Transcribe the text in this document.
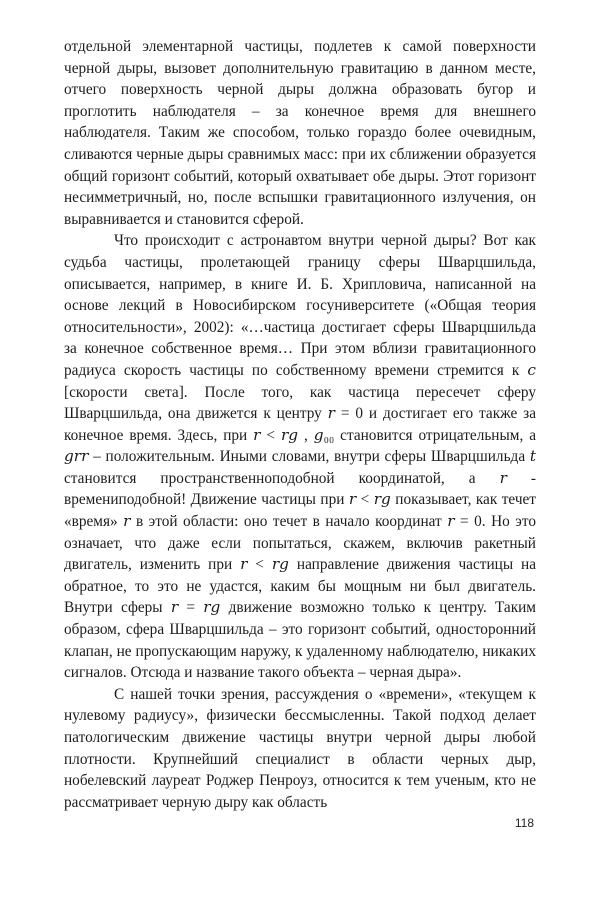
отдельной элементарной частицы, подлетев к самой поверхности черной дыры, вызовет дополнительную гравитацию в данном месте, отчего поверхность черной дыры должна образовать бугор и проглотить наблюдателя – за конечное время для внешнего наблюдателя. Таким же способом, только гораздо более очевидным, сливаются черные дыры сравнимых масс: при их сближении образуется общий горизонт событий, который охватывает обе дыры. Этот горизонт несимметричный, но, после вспышки гравитационного излучения, он выравнивается и становится сферой.

Что происходит с астронавтом внутри черной дыры? Вот как судьба частицы, пролетающей границу сферы Шварцшильда, описывается, например, в книге И. Б. Хрипловича, написанной на основе лекций в Новосибирском госуниверситете («Общая теория относительности», 2002): «…частица достигает сферы Шварцшильда за конечное собственное время… При этом вблизи гравитационного радиуса скорость частицы по собственному времени стремится к 𝑐 [скорости света]. После того, как частица пересечет сферу Шварцшильда, она движется к центру 𝑟 = 0 и достигает его также за конечное время. Здесь, при 𝑟 < 𝑟𝑔 , 𝑔₀₀ становится отрицательным, а 𝑔𝑟𝑟 – положительным. Иными словами, внутри сферы Шварцшильда 𝑡 становится пространственноподобной координатой, а 𝑟 - времениподобной! Движение частицы при 𝑟 < 𝑟𝑔 показывает, как течет «время» 𝑟 в этой области: оно течет в начало координат 𝑟 = 0. Но это означает, что даже если попытаться, скажем, включив ракетный двигатель, изменить при 𝑟 < 𝑟𝑔 направление движения частицы на обратное, то это не удастся, каким бы мощным ни был двигатель. Внутри сферы 𝑟 = 𝑟𝑔 движение возможно только к центру. Таким образом, сфера Шварцшильда – это горизонт событий, односторонний клапан, не пропускающим наружу, к удаленному наблюдателю, никаких сигналов. Отсюда и название такого объекта – черная дыра».

С нашей точки зрения, рассуждения о «времени», «текущем к нулевому радиусу», физически бессмысленны. Такой подход делает патологическим движение частицы внутри черной дыры любой плотности. Крупнейший специалист в области черных дыр, нобелевский лауреат Роджер Пенроуз, относится к тем ученым, кто не рассматривает черную дыру как область

118
